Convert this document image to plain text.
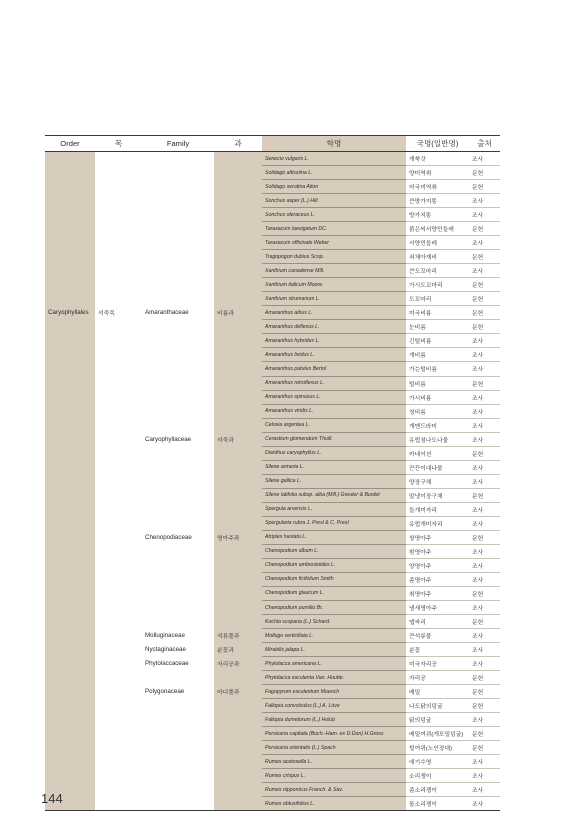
Order	목	Family	과	학명	국명(일반명)	출처
				Senecio vulgaris L.	개쑥갓	조사
				Solidago altissima L.	양미역취	문헌
				Solidago serotina Aiton	미국미역취	문헌
				Sonchus asper (L.) Hill.	큰방가지똥	조사
				Sonchus oleraceus L.	방가지똥	조사
				Taraxacum laevigatum DC.	붉은씨서양민들레	문헌
				Taraxacum officinale Weber	서양민들레	조사
				Tragopogon dubius Scop.	쇠채아재비	문헌
				Xanthium canadense Mill.	큰도꼬마리	조사
				Xanthium italicum Moore.	가시도꼬마리	문헌
				Xanthium strumarium L.	도꼬마리	문헌
Caryophyllales	석죽목	Amaranthaceae	비름과	Amaranthus albus L.	미국비름	문헌
				Amaranthus deflexus L.	눈비름	문헌
				Amaranthus hybridus L.	긴털비름	조사
				Amaranthus lividus L.	개비름	조사
				Amaranthus patulus Bertol	가는털비름	조사
				Amaranthus retroflexus L.	털비름	문헌
				Amaranthus spinosus L.	가시비름	조사
				Amaranthus viridis L.	청비름	조사
				Celosia argentea L.	개맨드라미	조사
		Caryophyllaceae	석죽과	Cerastium glomeratum Thuill.	유럽점나도나물	조사
				Dianthus caryophyllus L.	카네이션	문헌
				Silene armeria L.	끈끈이대나물	조사
				Silene gallica L.	양장구채	조사
				Silene latifolia subsp. alba (Mill.) Greuter & Burdet	말냉이장구채	문헌
				Spergula arvensis L.	들개미자리	조사
				Spergularia rubra J. Presl & C. Presl	유럽개미자리	조사
		Chenopodiaceae	명아주과	Atriplex hastata L.	창명아주	문헌
				Chenopodium album L.	흰명아주	조사
				Chenopodium ambrosioides L.	양명아주	조사
				Chenopodium ficifolium Smith	좀명아주	조사
				Chenopodium glaucum L.	취명아주	문헌
				Chenopodium pumilio Br.	냄새명아주	조사
				Kochia scoparia (L.) Schard.	댑싸리	문헌
		Molluginaceae	석류풀과	Mollugo verticillata L.	큰석류풀	조사
		Nyctaginaceae	분꽃과	Mirabilis jalapa L.	분꽃	조사
		Phytolaccaceae	자리공과	Phytolacca americana L.	미국자리공	조사
				Phytolacca esculenta Van. Houtte.	자리공	문헌
		Polygonaceae	마디풀과	Fagopyrum esculentum Moench	메밀	문헌
				Fallopia convolvulus (L.) A. Löve	나도닭의덩굴	문헌
				Fallopia dumetorum (L.) Holub	닭의덩굴	조사
				Persicaria capitata (Buch.-Ham. ex D.Don) H.Gross	메밀여뀌(개모밀덩굴)	문헌
				Persicaria orientalis (L.) Spach	털여뀌(노인장대)	문헌
				Rumex acetosella L.	애기수영	조사
				Rumex crispus L.	소리쟁이	조사
				Rumex nipponicus Franch. & Sav.	좀소리쟁이	조사
				Rumex obtusifolius L.	돌소리쟁이	조사
144
